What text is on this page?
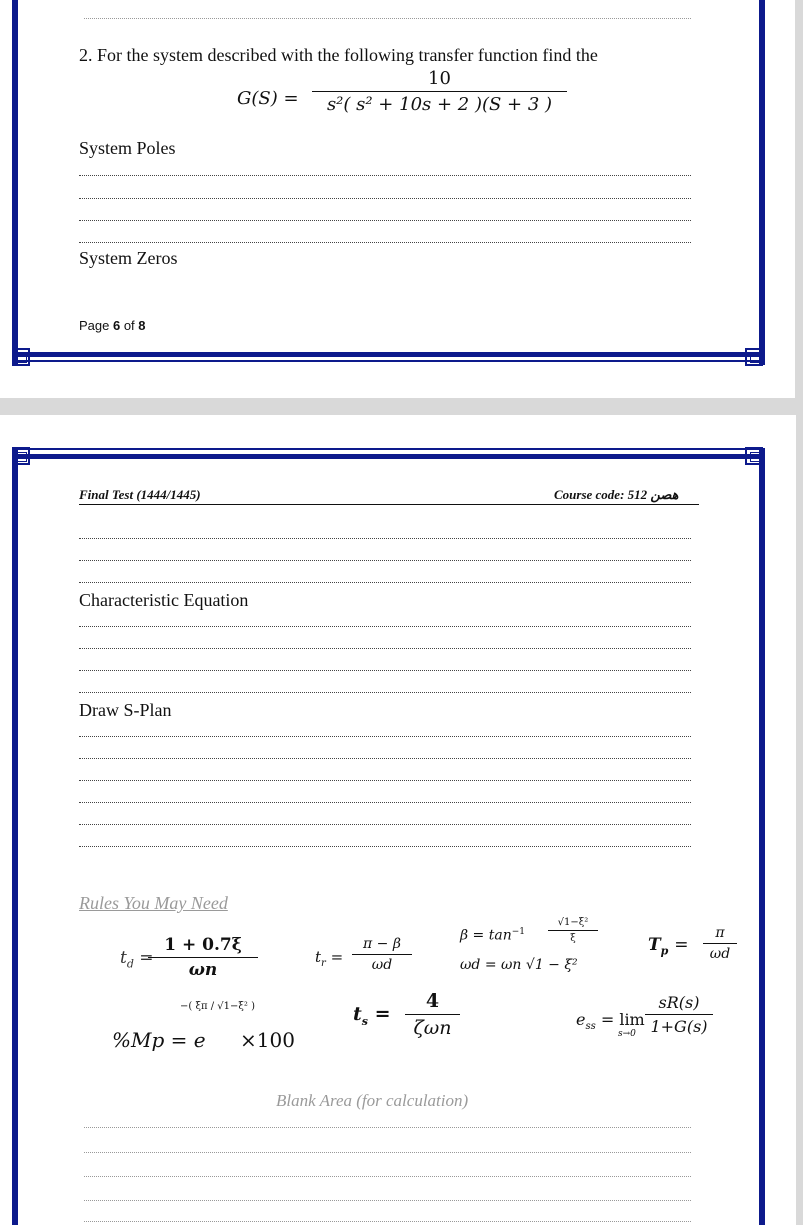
2. For the system described with the following transfer function find the
G(S) =
10
s²( s² + 10s + 2 )(S + 3 )
System Poles
System Zeros
Page 6 of 8
Final Test (1444/1445)	Course code: هصن 512
Characteristic Equation
Draw S-Plan
Rules You May Need
$t_d$ =
1 + 0.7ξ
ωn
$t_r$ =
π − β
ωd
$\beta = \tan^{-1}$
√1−ξ²
ξ
ωd = ωn √1 − ξ²
$T_p$ =
π
ωd
%Mp = e
−( ξπ / √1−ξ² )
×100
$t_s$ =
4
ζωn	$e_{ss} = \lim$
s→0
sR(s)
1+G(s)
Blank Area (for calculation)
